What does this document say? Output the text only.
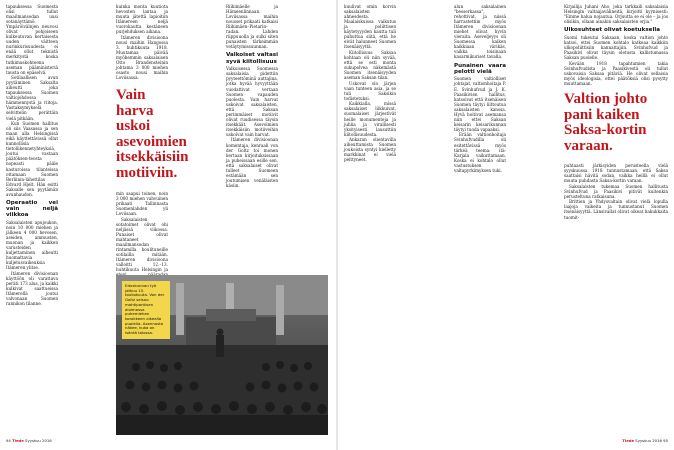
tapauksessa Suomesta olisi tullut maailmansodan uusi sotanäyttämö. Ympäröivälnjen neuvosi olivat pohjoiseen kulkeutuvan kertaisesta uuden väitteen nurinkurisuudesta ei enää ollut teknistä merkitystä koska tutkimuskohteena aseman pääministeriä tausta on epäselvä.

Sotilaallisen avun pyytäminen Saksalta aiheutti joka tapauksessa Suomen valtiojohdossa hämmennystä ja riitoja. Vastaksymykselä selvittelin perättäin vielä pitkään.

Kun Suomen hallitus oli siis Vaasassa ja sen maan alla Helsingissä eikä käyttettävissä ollut kunnollisia tietoliikennetyhteyksiä, joutui vastaan päätöksen-teosta nopeasti pääle kasturoissa tilanteissa ottamaan Suomen Berliinin-lähettilas Edvard Hjelt. Hän esitti Saksalle sen pyytämän avunhaudon.

Operaatio vei vain neljä viikkoa

Saksalaisten apujoukon, noin 10 000 miehen ja jälkeen 4 000 hevosen, aseiden, ammusten, muonan ja kaikken varusteiden kuljettaminen aiheutti huomattavia kuljetusvaikeuksia Itämeren ylitse.

Itämeren divisioonan käyttöön oli varattava peräti 173 alus, ja kaikki kulkivat saattueissa Itämerellä joutui valvonaan Suomen rannikon tilanne.

kuinka monta kuutiota hevosten lantaa ja muuta jätettä lapioitiin Itämereen neljä vuorokautta kestäneen purjehduksen aikana.

Itämeren divisioona nousi maihin Hangossa 3. huhtikuuta 1918. Muutamaa päivää myöhemmin saksalaisen Otto Brandensteinin johtama 3 000 miehen osasto nousi maihin Loviisassa.

Vain harva uskoi asevoimien itsekkäisiin motiiviin.

min saapui toinen, noin 3 000 miehen vahvuinen prikaati Tallinnasta Suomenlahden yli Loviisaan.

Saksalaisten sotatoimet olivat ohi neljässä viikossa. Punaiset olivat mahtaneet maailmansodan rintamilla koulituneille sotilailla mitään. Itämeren divisioona valloitti 12.–13. huhtikuuta Helsingin ja

Riihimäelle ja Hämeenlinnaan. Loviisassa maihin nousset prikaati katkaisi Riihimäen–Pietarin-radan. Lahden riippuuolla ja sulki siten punaisten tärkeimmän vetäytymissuunnan.

Valkoiset valtasi syvä kiitollisuus

Valkoisessa Suomessa saksalaisia pidettiin pyyteettöminä auttajina, jotka hyvää hyvyyttään vuodattivat vertaan Suomen vapauden puolesta. Vain harvat uskoivat saksalaisten, että Saksan perimmäiset motiivit olivat ruudisessa täysin itsekkäät. Asevoimien itsekkäisiin motiiveihin uskoivat vain harvat.

Itämeren divisioonan komentaja, kenraali von der Goltz toi monen kertaan kirjoituksissaan ja puheissaan esille sen, että saksalaiset olivat tulleet Suomeen estämään sen joutumisen venäläisten käsiin.

Eduskunnan työ jatkuu 15. toukokuuta. Von der Goltz seisoo mahtipontisen aloimassa puhemiehen korokkeen oikealla puolella. Asennosta näkee, kuka on isäntä talossa.
94 Tiede Syyskuu 2016

kuulivat omin korvin saksalaisten ahnesdesta. Maalaiskuissa vaikutus ja poliittisen käytetyyyden kautta tuli puhuttua siitä, että he eivät halunneet Suomen itsenäisyyttä.

Kiitollisuus Saksaa kohtaan oli niin syvää, että se esti monta sukupolvea näkemästä Suomen itsenäisyyden aseman Saksan tilan.

Uskovat olo järjen vaan tunteen asia, ja se tuli Saksikin todistetuksi.

Kaikkialla, missä saksalaiset liikkuivat, suomalaiset järjestivät heille monumenteja ja juhlia ja virallisesti yksityisesti lausuttiin kiitollisuudesta.

Ankaran olientavilla aiheuttamista Suomen joukoista syntyi kielletty markkinat ei vielä peittyneet.

alun saksalainen "besserkassa", rehottivat, ja niissä harrastettiin myös Itämeren divisioonan miehet olivat hyvin vieraita. Aseveljeyys oli Suomessa kaiken kaikkiaan värikäs, vaikka toisinaan kasarmikuriset tavalla.

Punainen vaara pelotti vielä

Suomen valtiolliset johtajat, valtionhoitaja P. E. Svinhufvud ja J. K. Paasikivien hallitus, katsoivat että itsenäisen Suomen täytyi liittoutua saksalaisten kanssa. Hyvä hoitivat asemansa niin ettei Saksan keisarin keisarikunnan täytyi tuoda vapaaksi.

Erään valtionhoitaja Svinhufvudilla oli esitettävissä myös tärkeä teema: itä-Karjala vaikuttamaan. Koska ei kohtalo ollut vastustuksen valtapyrkimyksen tuki.

Kirjailija Juhani Aho, joka tarkkaili saksalaisia Helsingin valtaajavälineitä, kirjoitti kyynisesti: "Emme halua nojautua. Orjuutta se ei ole – ja jos olisikin, ollaan ainakin saksalaisten orjia."

Ulkosuhteet olivat koetuksella

Suomi tukeutui Saksaan, koska valtion johto katsoi, ettei Suomen kohtalo katkeaa kaikkiin ulkopoliittisiin kannattajiin. Svinhufvud ja Paasikivi olivat täysin oletusta kallistumassa Saksan puolelle.

Kevään 1918 tapahtumien takia Svinhufvudista ja Paasikivestä oli tullut uskovaisia Saksaa pitäviä. He olivat sellaisia myös ideologisia, ettei päätöksiä olisi pysytty muuttamaan.

Valtion johto pani kaiken Saksa-kortin varaan.

puhtaasti järkisyiden perusteella vielä syyskuussa 1918 tunnustamaan, että Saksa saattaisi hävitä sodan, vaikka heillä ei ollut muuta puhdasta Saksa-kortin varaan.

Saksalaisten tukemaa Suomen hallitusta Svinhufvud ja Paasikivi pitivät kuitenkin perusteltuna ratkaisuna.

Brittien ja Yhdysvaltain olivat vielä lopulla laajoja vaikeita ja tunnustanut Suomen itsenäisyyttä. Länsivallat olivat oikeat hakukkaita tuomit-

Tiede Syyskuu 2016 95
